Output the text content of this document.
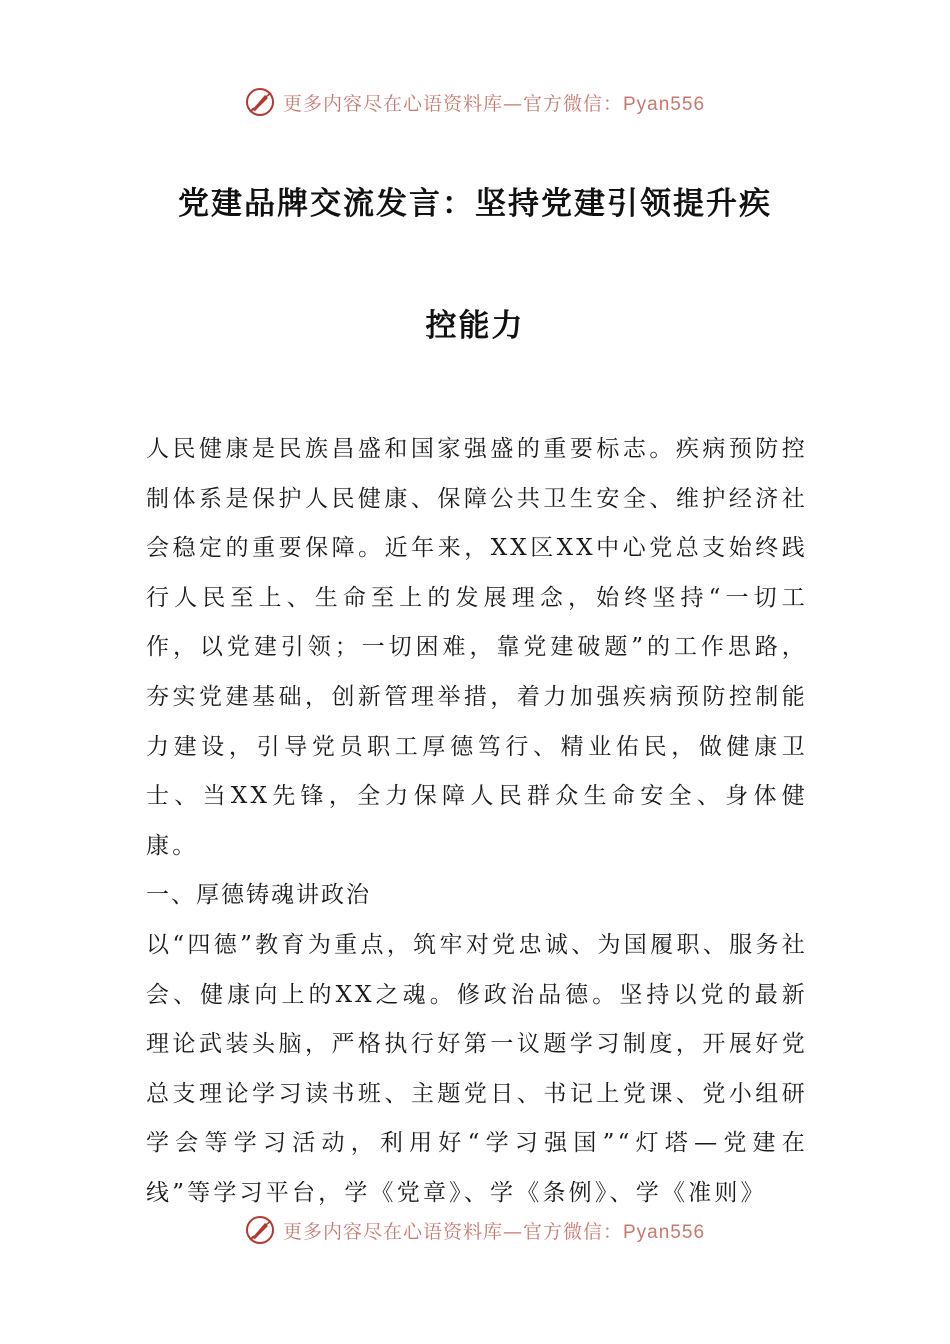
更多内容尽在心语资料库—官方微信：Pyan556
党建品牌交流发言：坚持党建引领提升疾
控能力

人民健康是民族昌盛和国家强盛的重要标志。疾病预防控制体系是保护人民健康、保障公共卫生安全、维护经济社会稳定的重要保障。近年来，XX区XX中心党总支始终践行人民至上、生命至上的发展理念，始终坚持“一切工作，以党建引领；一切困难，靠党建破题”的工作思路，夯实党建基础，创新管理举措，着力加强疾病预防控制能力建设，引导党员职工厚德笃行、精业佑民，做健康卫士、当XX先锋，全力保障人民群众生命安全、身体健康。

一、厚德铸魂讲政治

以“四德”教育为重点，筑牢对党忠诚、为国履职、服务社会、健康向上的XX之魂。修政治品德。坚持以党的最新理论武装头脑，严格执行好第一议题学习制度，开展好党总支理论学习读书班、主题党日、书记上党课、党小组研学会等学习活动，利用好“学习强国”“灯塔—党建在线”等学习平台，学《党章》、学《条例》、学《准则》

更多内容尽在心语资料库—官方微信：Pyan556
